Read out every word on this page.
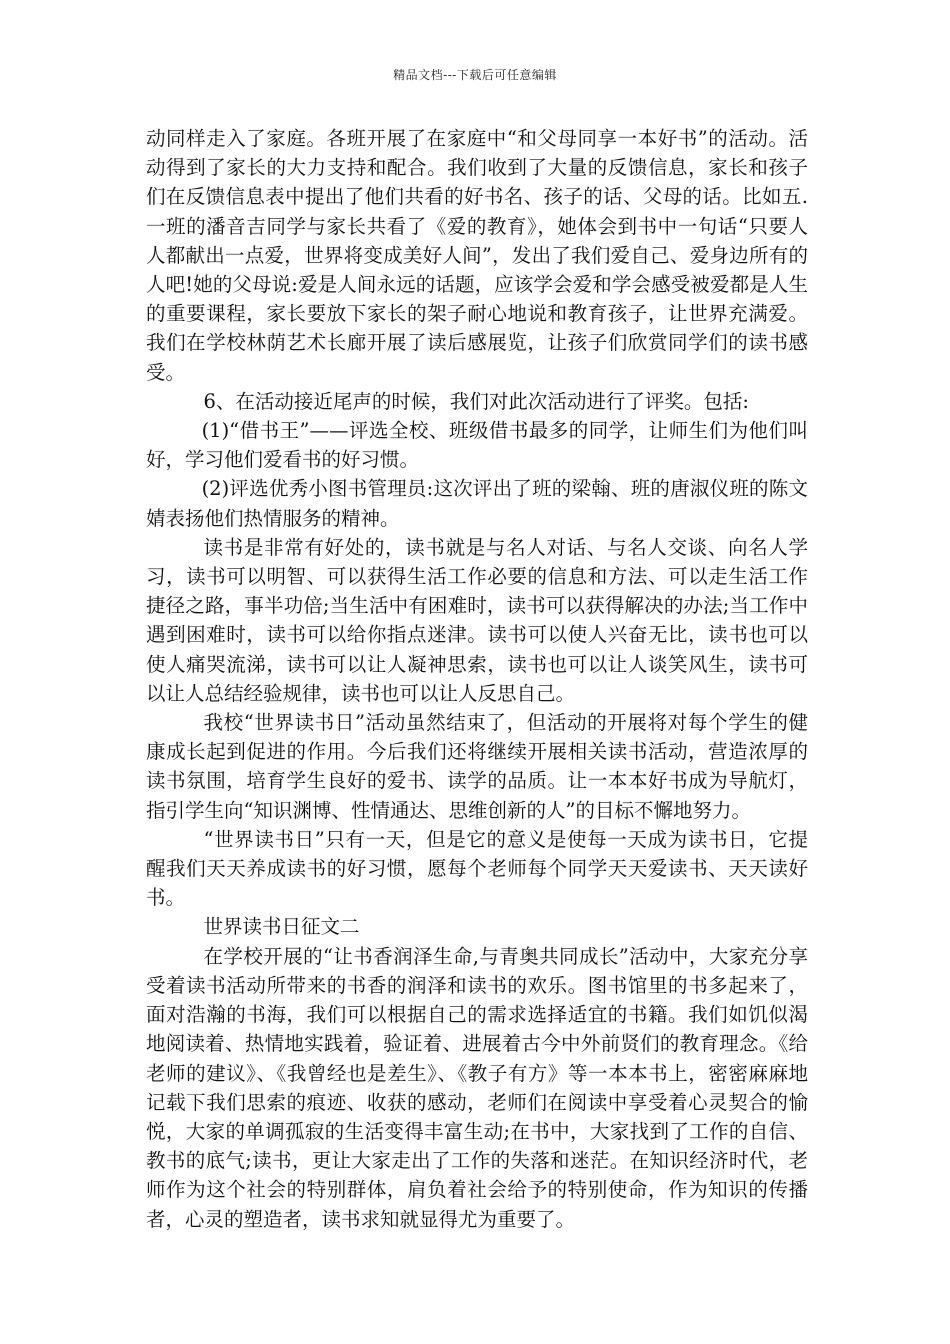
精品文档---下载后可任意编辑

动同样走入了家庭。各班开展了在家庭中“和父母同享一本好书”的活动。活动得到了家长的大力支持和配合。我们收到了大量的反馈信息，家长和孩子们在反馈信息表中提出了他们共看的好书名、孩子的话、父母的话。比如五.一班的潘音吉同学与家长共看了《爱的教育》，她体会到书中一句话“只要人人都献出一点爱，世界将变成美好人间”，发出了我们爱自己、爱身边所有的人吧!她的父母说:爱是人间永远的话题，应该学会爱和学会感受被爱都是人生的重要课程，家长要放下家长的架子耐心地说和教育孩子，让世界充满爱。我们在学校林荫艺术长廊开展了读后感展览，让孩子们欣赏同学们的读书感受。

6、在活动接近尾声的时候，我们对此次活动进行了评奖。包括:

(1)“借书王”——评选全校、班级借书最多的同学，让师生们为他们叫好，学习他们爱看书的好习惯。

(2)评选优秀小图书管理员:这次评出了班的梁翰、班的唐淑仪班的陈文婧表扬他们热情服务的精神。

读书是非常有好处的，读书就是与名人对话、与名人交谈、向名人学习，读书可以明智、可以获得生活工作必要的信息和方法、可以走生活工作捷径之路，事半功倍;当生活中有困难时，读书可以获得解决的办法;当工作中遇到困难时，读书可以给你指点迷津。读书可以使人兴奋无比，读书也可以使人痛哭流涕，读书可以让人凝神思索，读书也可以让人谈笑风生，读书可以让人总结经验规律，读书也可以让人反思自己。

我校“世界读书日”活动虽然结束了，但活动的开展将对每个学生的健康成长起到促进的作用。今后我们还将继续开展相关读书活动，营造浓厚的读书氛围，培育学生良好的爱书、读学的品质。让一本本好书成为导航灯，指引学生向“知识渊博、性情通达、思维创新的人”的目标不懈地努力。

“世界读书日”只有一天，但是它的意义是使每一天成为读书日，它提醒我们天天养成读书的好习惯，愿每个老师每个同学天天爱读书、天天读好书。

世界读书日征文二

在学校开展的“让书香润泽生命,与青奥共同成长”活动中，大家充分享受着读书活动所带来的书香的润泽和读书的欢乐。图书馆里的书多起来了，面对浩瀚的书海，我们可以根据自己的需求选择适宜的书籍。我们如饥似渴地阅读着、热情地实践着，验证着、进展着古今中外前贤们的教育理念。《给老师的建议》、《我曾经也是差生》、《教子有方》等一本本书上，密密麻麻地记载下我们思索的痕迹、收获的感动，老师们在阅读中享受着心灵契合的愉悦，大家的单调孤寂的生活变得丰富生动;在书中，大家找到了工作的自信、教书的底气;读书，更让大家走出了工作的失落和迷茫。在知识经济时代，老师作为这个社会的特别群体，肩负着社会给予的特别使命，作为知识的传播者，心灵的塑造者，读书求知就显得尤为重要了。
